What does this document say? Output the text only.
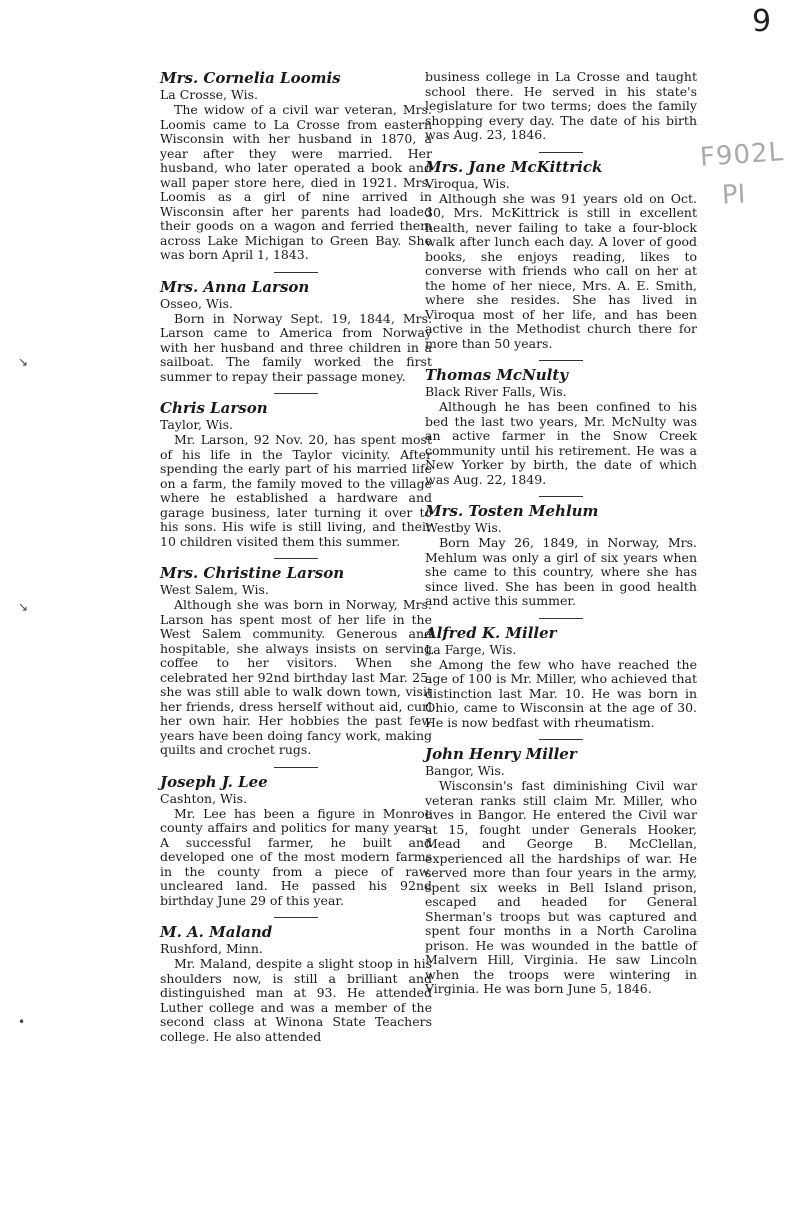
9
F902L
PI
↘
↘
•
Mrs. Cornelia Loomis
La Crosse, Wis.

The widow of a civil war veteran, Mrs. Loomis came to La Crosse from eastern Wisconsin with her husband in 1870, a year after they were married. Her husband, who later operated a book and wall paper store here, died in 1921. Mrs. Loomis as a girl of nine arrived in Wisconsin after her parents had loaded their goods on a wagon and ferried them across Lake Michigan to Green Bay. She was born April 1, 1843.

Mrs. Anna Larson
Osseo, Wis.

Born in Norway Sept. 19, 1844, Mrs. Larson came to America from Norway with her husband and three children in a sailboat. The family worked the first summer to repay their passage money.

Chris Larson
Taylor, Wis.

Mr. Larson, 92 Nov. 20, has spent most of his life in the Taylor vicinity. After spending the early part of his married life on a farm, the family moved to the village where he established a hardware and garage business, later turning it over to his sons. His wife is still living, and their 10 children visited them this summer.

Mrs. Christine Larson
West Salem, Wis.

Although she was born in Norway, Mrs. Larson has spent most of her life in the West Salem community. Generous and hospitable, she always insists on serving coffee to her visitors. When she celebrated her 92nd birthday last Mar. 25, she was still able to walk down town, visit her friends, dress herself without aid, curl her own hair. Her hobbies the past few years have been doing fancy work, making quilts and crochet rugs.

Joseph J. Lee
Cashton, Wis.

Mr. Lee has been a figure in Monroe county affairs and politics for many years. A successful farmer, he built and developed one of the most modern farms in the county from a piece of raw, uncleared land. He passed his 92nd birthday June 29 of this year.

M. A. Maland
Rushford, Minn.

Mr. Maland, despite a slight stoop in his shoulders now, is still a brilliant and distinguished man at 93. He attended Luther college and was a member of the second class at Winona State Teachers college. He also attended

business college in La Crosse and taught school there. He served in his state's legislature for two terms; does the family shopping every day. The date of his birth was Aug. 23, 1846.

Mrs. Jane McKittrick
Viroqua, Wis.

Although she was 91 years old on Oct. 30, Mrs. McKittrick is still in excellent health, never failing to take a four-block walk after lunch each day. A lover of good books, she enjoys reading, likes to converse with friends who call on her at the home of her niece, Mrs. A. E. Smith, where she resides. She has lived in Viroqua most of her life, and has been active in the Methodist church there for more than 50 years.

Thomas McNulty
Black River Falls, Wis.

Although he has been confined to his bed the last two years, Mr. McNulty was an active farmer in the Snow Creek community until his retirement. He was a New Yorker by birth, the date of which was Aug. 22, 1849.

Mrs. Tosten Mehlum
Westby Wis.

Born May 26, 1849, in Norway, Mrs. Mehlum was only a girl of six years when she came to this country, where she has since lived. She has been in good health and active this summer.

Alfred K. Miller
La Farge, Wis.

Among the few who have reached the age of 100 is Mr. Miller, who achieved that distinction last Mar. 10. He was born in Ohio, came to Wisconsin at the age of 30. He is now bedfast with rheumatism.

John Henry Miller
Bangor, Wis.

Wisconsin's fast diminishing Civil war veteran ranks still claim Mr. Miller, who lives in Bangor. He entered the Civil war at 15, fought under Generals Hooker, Mead and George B. McClellan, experienced all the hardships of war. He served more than four years in the army, spent six weeks in Bell Island prison, escaped and headed for General Sherman's troops but was captured and spent four months in a North Carolina prison. He was wounded in the battle of Malvern Hill, Virginia. He saw Lincoln when the troops were wintering in Virginia. He was born June 5, 1846.
